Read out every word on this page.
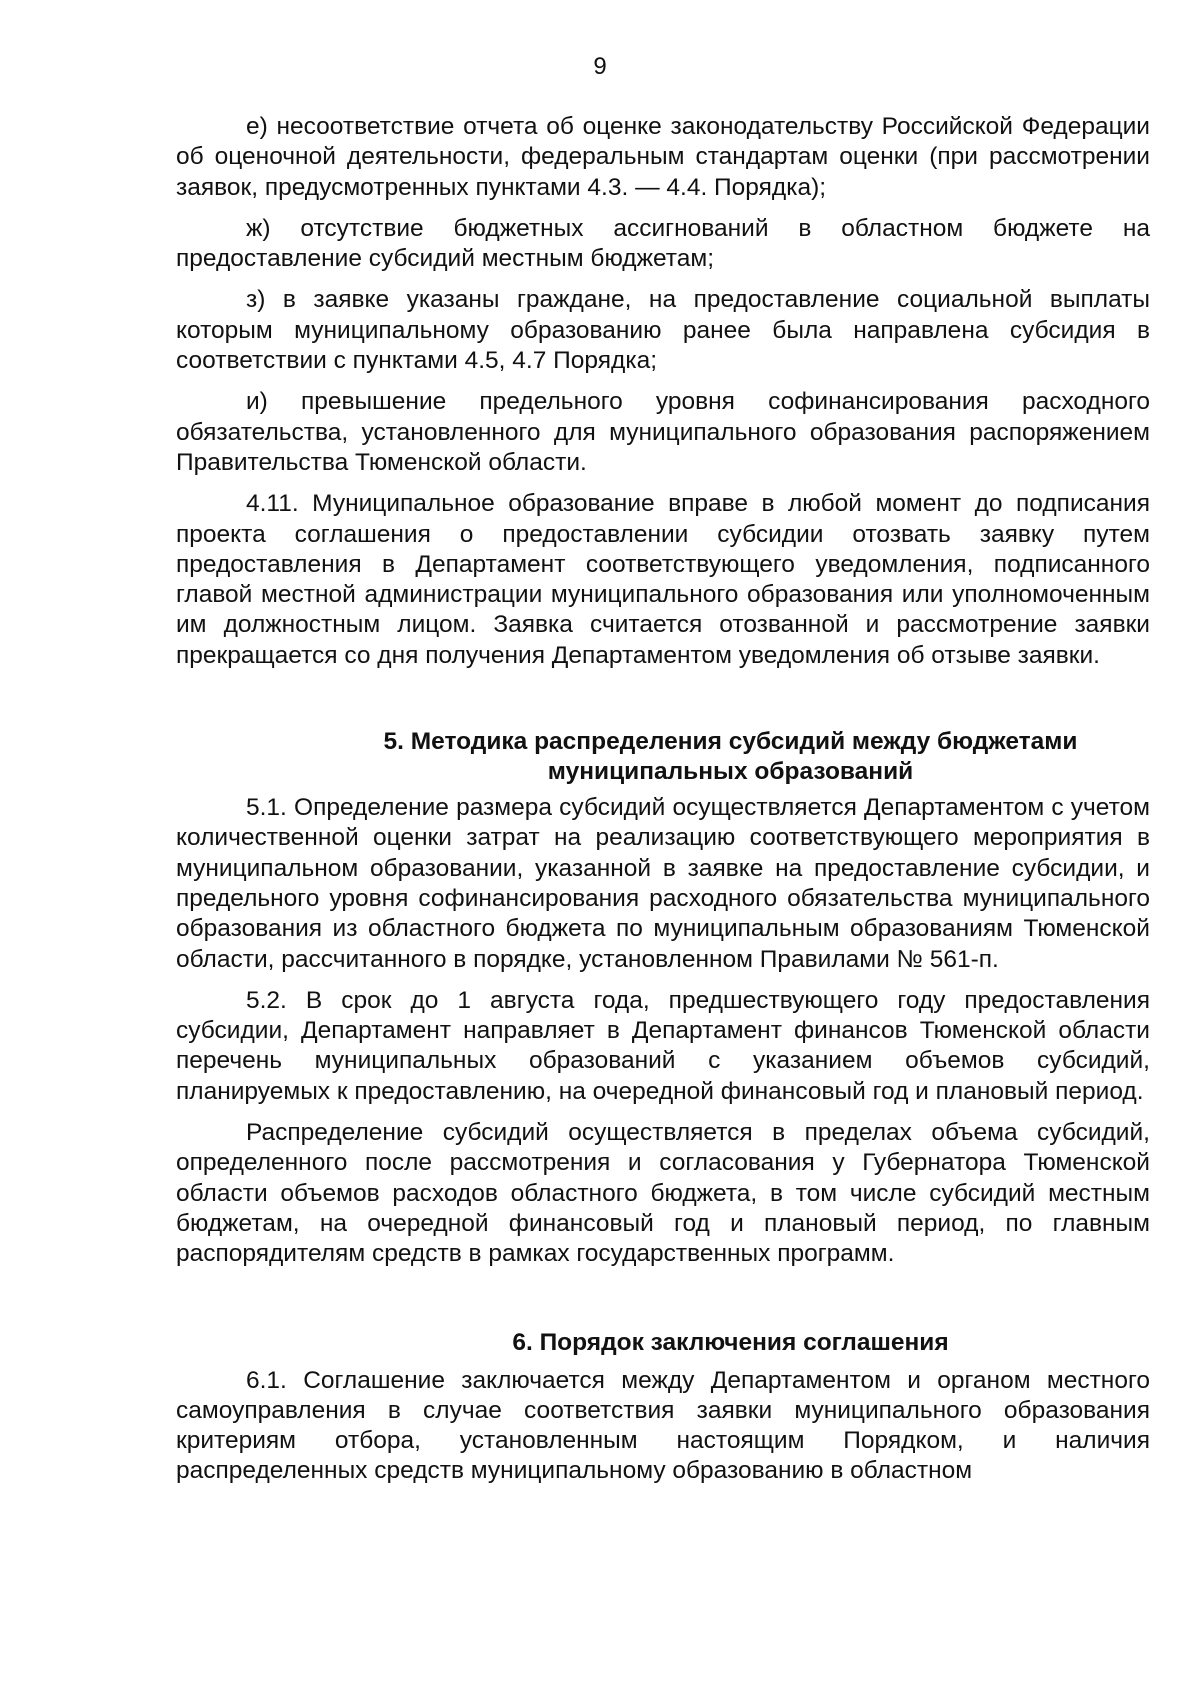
9

е) несоответствие отчета об оценке законодательству Российской Федерации об оценочной деятельности, федеральным стандартам оценки (при рассмотрении заявок, предусмотренных пунктами 4.3. — 4.4. Порядка);

ж) отсутствие бюджетных ассигнований в областном бюджете на предоставление субсидий местным бюджетам;

з) в заявке указаны граждане, на предоставление социальной выплаты которым муниципальному образованию ранее была направлена субсидия в соответствии с пунктами 4.5, 4.7 Порядка;

и) превышение предельного уровня софинансирования расходного обязательства, установленного для муниципального образования распоряжением Правительства Тюменской области.

4.11. Муниципальное образование вправе в любой момент до подписания проекта соглашения о предоставлении субсидии отозвать заявку путем предоставления в Департамент соответствующего уведомления, подписанного главой местной администрации муниципального образования или уполномоченным им должностным лицом. Заявка считается отозванной и рассмотрение заявки прекращается со дня получения Департаментом уведомления об отзыве заявки.

5. Методика распределения субсидий между бюджетами
муниципальных образований

5.1. Определение размера субсидий осуществляется Департаментом с учетом количественной оценки затрат на реализацию соответствующего мероприятия в муниципальном образовании, указанной в заявке на предоставление субсидии, и предельного уровня софинансирования расходного обязательства муниципального образования из областного бюджета по муниципальным образованиям Тюменской области, рассчитанного в порядке, установленном Правилами № 561-п.

5.2. В срок до 1 августа года, предшествующего году предоставления субсидии, Департамент направляет в Департамент финансов Тюменской области перечень муниципальных образований с указанием объемов субсидий, планируемых к предоставлению, на очередной финансовый год и плановый период.

Распределение субсидий осуществляется в пределах объема субсидий, определенного после рассмотрения и согласования у Губернатора Тюменской области объемов расходов областного бюджета, в том числе субсидий местным бюджетам, на очередной финансовый год и плановый период, по главным распорядителям средств в рамках государственных программ.

6. Порядок заключения соглашения

6.1. Соглашение заключается между Департаментом и органом местного самоуправления в случае соответствия заявки муниципального образования критериям отбора, установленным настоящим Порядком, и наличия распределенных средств муниципальному образованию в областном
